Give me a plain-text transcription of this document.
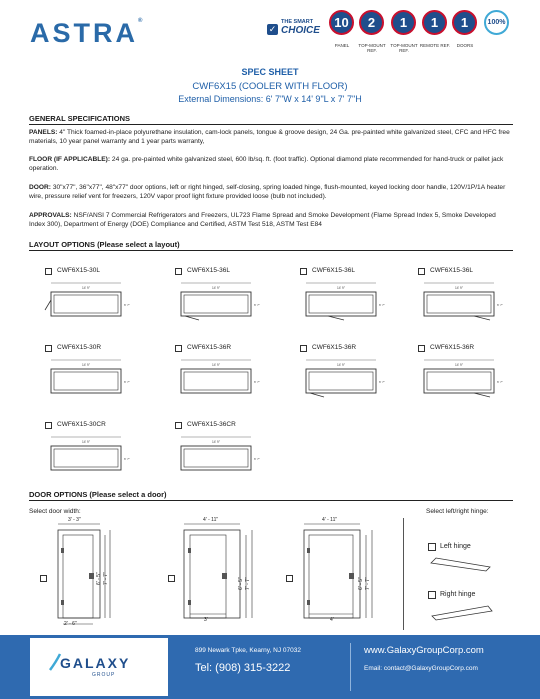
ASTRA®
✓
THE SMART
CHOICE
10	2	1	1	1	100%
PANEL	TOP-MOUNT REF.
TOP-MOUNT REF.
REMOTE REF.	DOORS
SPEC SHEET
CWF6X15 (COOLER WITH FLOOR)
External Dimensions: 6' 7"W x 14' 9"L x 7' 7"H
GENERAL SPECIFICATIONS
PANELS: 4" Thick foamed-in-place polyurethane insulation, cam-lock panels, tongue & groove design, 24 Ga. pre-painted white galvanized steel, CFC and HFC free materials, 10 year panel warranty and 1 year parts warranty,
FLOOR (IF APPLICABLE): 24 ga. pre-painted white galvanized steel, 600 lb/sq. ft. (foot traffic). Optional diamond plate recommended for hand-truck or pallet jack operation.
DOOR: 30"x77", 36"x77", 48"x77" door options, left or right hinged, self-closing, spring loaded hinge, flush-mounted, keyed locking door handle, 120V/1P/1A heater wire, pressure relief vent for freezers, 120V vapor proof light fixture provided loose (bulb not included).
APPROVALS: NSF/ANSI 7 Commercial Refrigerators and Freezers, UL723 Flame Spread and Smoke Development (Flame Spread Index 5, Smoke Developed Index 300), Department of Energy (DOE) Compliance and Certified, ASTM Test 518, ASTM Test E84
LAYOUT OPTIONS (Please select a layout)
CWF6X15-30L
14' 9"
6' 7"
CWF6X15-36L
14' 9"
6' 7"
CWF6X15-36L
14' 9"
6' 7"
CWF6X15-36L
14' 9"
6' 7"
CWF6X15-30R
14' 9"
6' 7"
CWF6X15-36R
14' 9"
6' 7"
CWF6X15-36R
14' 9"
6' 7"
CWF6X15-36R
14' 9"
6' 7"
CWF6X15-30CR
14' 9"
6' 7"
CWF6X15-36CR
14' 9"
6' 7"
DOOR OPTIONS (Please select a door)
Select door width:	Select left/right hinge:
3' - 3"
2' - 6"
6' - 5" 7' - 7"
4' - 11"
3'
6' - 5" 7' - 7"
4' - 11"
4'
6' - 5" 7' - 7"
Left hinge
Right hinge
GALAXY
GROUP
899 Newark Tpke, Kearny, NJ 07032
Tel: (908) 315-3222
www.GalaxyGroupCorp.com
Email: contact@GalaxyGroupCorp.com
